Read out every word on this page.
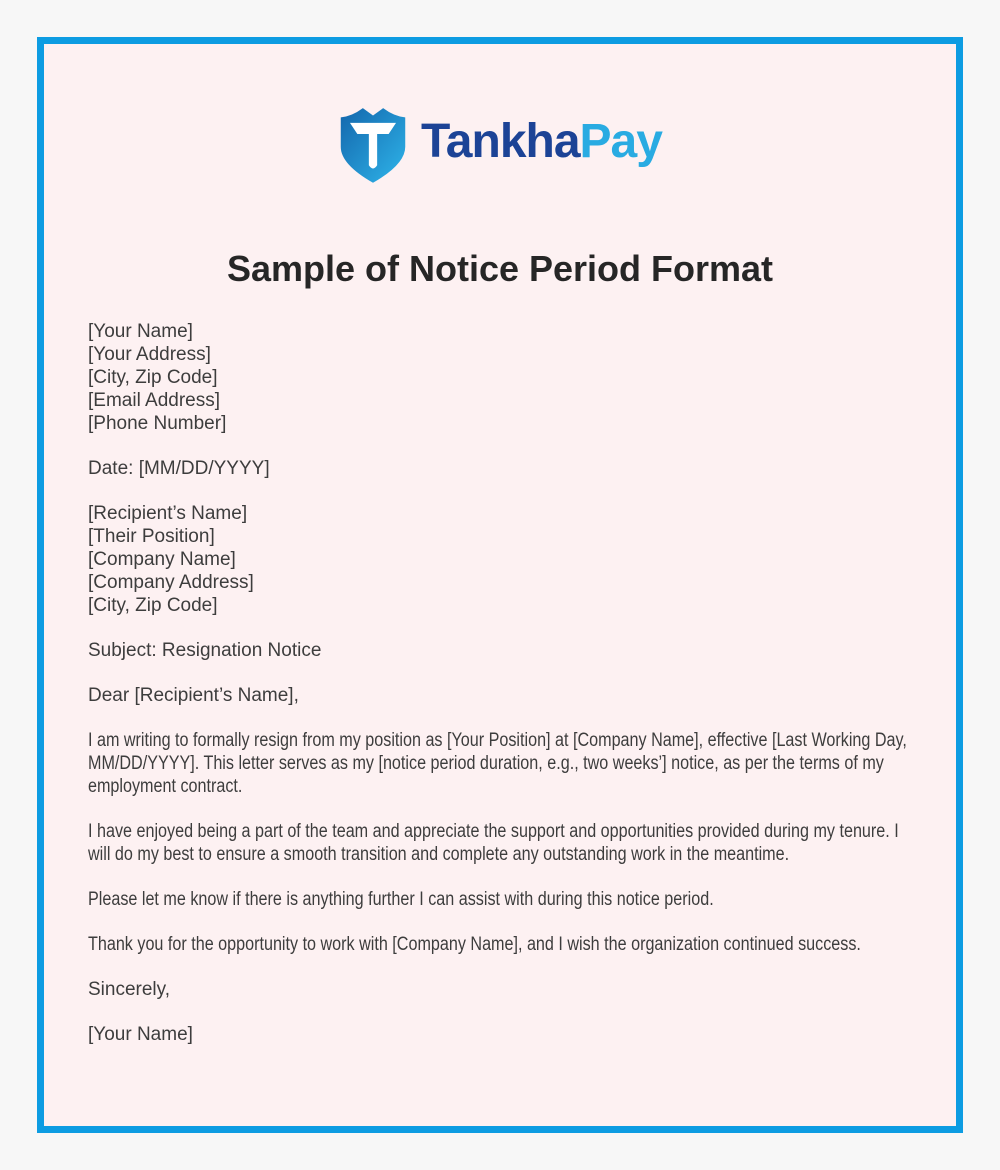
TankhaPay
Sample of Notice Period Format
[Your Name]
[Your Address]
[City, Zip Code]
[Email Address]
[Phone Number]
Date: [MM/DD/YYYY]
[Recipient’s Name]
[Their Position]
[Company Name]
[Company Address]
[City, Zip Code]
Subject: Resignation Notice
Dear [Recipient’s Name],

I am writing to formally resign from my position as [Your Position] at [Company Name], effective [Last Working Day, MM/DD/YYYY]. This letter serves as my [notice period duration, e.g., two weeks’] notice, as per the terms of my employment contract.

I have enjoyed being a part of the team and appreciate the support and opportunities provided during my tenure. I will do my best to ensure a smooth transition and complete any outstanding work in the meantime.

Please let me know if there is anything further I can assist with during this notice period.

Thank you for the opportunity to work with [Company Name], and I wish the organization continued success.

Sincerely,
[Your Name]
